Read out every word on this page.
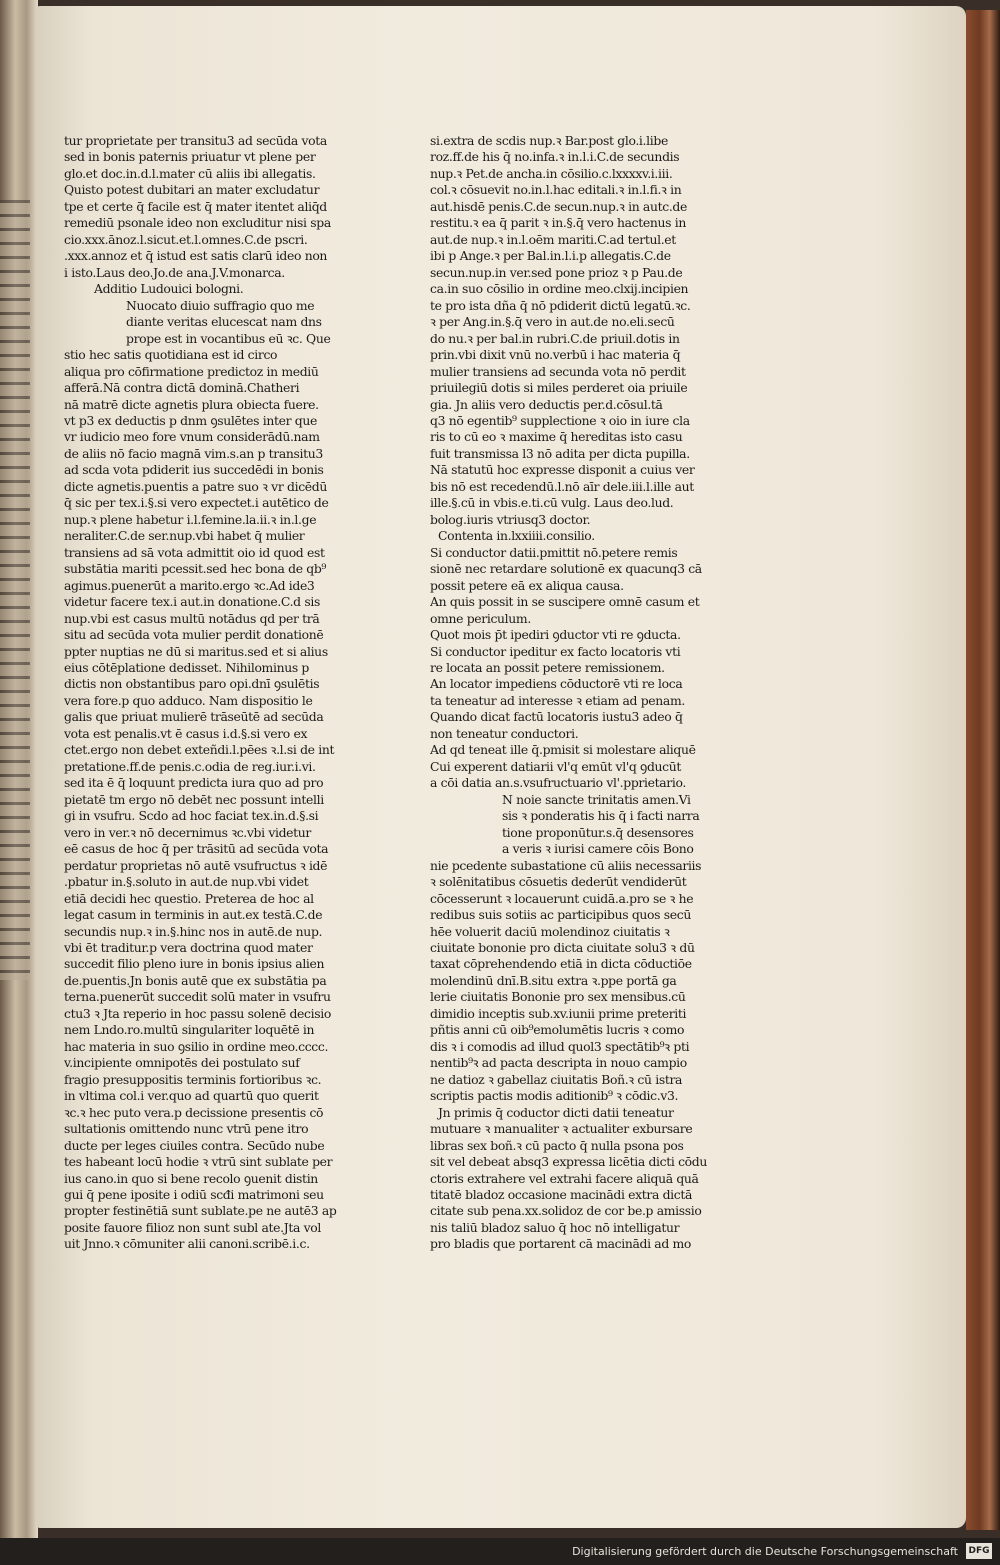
tur proprietate per transitu3 ad secūda vota
sed in bonis paternis priuatur vt plene per
glo.et doc.in.d.l.mater cū aliis ibi allegatis.
Quisto potest dubitari an mater excludatur
tpe et certe q̄ facile est q̄ mater itentet aliq̄d
remediū psonale ideo non excluditur nisi spa
cio.xxx.ānoz.l.sicut.et.l.omnes.C.de pscri.
.xxx.annoz et q̄ istud est satis clarū ideo non
i isto.Laus deo.Jo.de ana.J.V.monarca.
Additio Ludouici bologni.
Nuocato diuio suffragio quo me
diante veritas elucescat nam dns
prope est in vocantibus eū ꝛc. Que
stio hec satis quotidiana est id circo
aliqua pro cōfirmatione predictoz in mediū
afferā.Nā contra dictā dominā.Chatheri
nā matrē dicte agnetis plura obiecta fuere.
vt p3 ex deductis p dnm ꝯsulētes inter que
vr iudicio meo fore vnum considerādū.nam
de aliis nō facio magnā vim.s.an p transitu3
ad scda vota pdiderit ius succedēdi in bonis
dicte agnetis.puentis a patre suo ꝛ vr dicēdū
q̄ sic per tex.i.§.si vero expectet.i autētico de
nup.ꝛ plene habetur i.l.femine.la.ii.ꝛ in.l.ge
neraliter.C.de ser.nup.vbi habet q̄ mulier
transiens ad sā vota admittit oio id quod est
substātia mariti pcessit.sed hec bona de qb⁹
agimus.puenerūt a marito.ergo ꝛc.Ad ide3
videtur facere tex.i aut.in donatione.C.d sis
nup.vbi est casus multū notādus qd per trā
situ ad secūda vota mulier perdit donationē
ppter nuptias ne dū si maritus.sed et si alius
eius cōtēplatione dedisset. Nihilominus p
dictis non obstantibus paro opi.dnī ꝯsulētis
vera fore.p quo adduco. Nam dispositio le
galis que priuat mulierē trāseūtē ad secūda
vota est penalis.vt ē casus i.d.§.si vero ex
ctet.ergo non debet exteñdi.l.pēes ꝛ.l.si de int
pretatione.ff.de penis.c.odia de reg.iur.i.vi.
sed ita ē q̄ loquunt predicta iura quo ad pro
pietatē tm ergo nō debēt nec possunt intelli
gi in vsufru. Scdo ad hoc faciat tex.in.d.§.si
vero in ver.ꝛ nō decernimus ꝛc.vbi videtur
eē casus de hoc q̄ per trāsitū ad secūda vota
perdatur proprietas nō autē vsufructus ꝛ idē
.pbatur in.§.soluto in aut.de nup.vbi videt
etiā decidi hec questio. Preterea de hoc al
legat casum in terminis in aut.ex testā.C.de
secundis nup.ꝛ in.§.hinc nos in autē.de nup.
vbi ēt traditur.p vera doctrina quod mater
succedit filio pleno iure in bonis ipsius alien
de.puentis.Jn bonis autē que ex substātia pa
terna.puenerūt succedit solū mater in vsufru
ctu3 ꝛ Jta reperio in hoc passu solenē decisio
nem Lndo.ro.multū singulariter loquētē in
hac materia in suo ꝯsilio in ordine meo.cccc.
v.incipiente omnipotēs dei postulato suf
fragio presuppositis terminis fortioribus ꝛc.
in vltima col.i ver.quo ad quartū quo querit
ꝛc.ꝛ hec puto vera.p decissione presentis cō
sultationis omittendo nunc vtrū pene itro
ducte per leges ciuiles contra. Secūdo nube
tes habeant locū hodie ꝛ vtrū sint sublate per
ius cano.in quo si bene recolo ꝯuenit distin
gui q̄ pene iposite i odiū scđi matrimoni seu
propter festinētiā sunt sublate.pe ne autē3 ap
posite fauore filioz non sunt subl ate.Jta vol
uit Jnno.ꝛ cōmuniter alii canoni.scribē.i.c.
si.extra de scdis nup.ꝛ Bar.post glo.i.libe
roz.ff.de his q̄ no.infa.ꝛ in.l.i.C.de secundis
nup.ꝛ Pet.de ancha.in cōsilio.c.lxxxxv.i.iii.
col.ꝛ cōsuevit no.in.l.hac editali.ꝛ in.l.fi.ꝛ in
aut.hisdē penis.C.de secun.nup.ꝛ in autc.de
restitu.ꝛ ea q̄ parit ꝛ in.§.q̄ vero hactenus in
aut.de nup.ꝛ in.l.oēm mariti.C.ad tertul.et
ibi p Ange.ꝛ per Bal.in.l.i.p allegatis.C.de
secun.nup.in ver.sed pone prioz ꝛ p Pau.de
ca.in suo cōsilio in ordine meo.clxij.incipien
te pro ista dña q̄ nō pdiderit dictū legatū.ꝛc.
ꝛ per Ang.in.§.q̄ vero in aut.de no.eli.secū
do nu.ꝛ per bal.in rubri.C.de priuil.dotis in
prin.vbi dixit vnū no.verbū i hac materia q̄
mulier transiens ad secunda vota nō perdit
priuilegiū dotis si miles perderet oia priuile
gia. Jn aliis vero deductis per.d.cōsul.tā
q3 nō egentib⁹ supplectione ꝛ oio in iure cla
ris to cū eo ꝛ maxime q̄ hereditas isto casu
fuit transmissa l3 nō adita per dicta pupilla.
Nā statutū hoc expresse disponit a cuius ver
bis nō est recedendū.l.nō aīr dele.iii.l.ille aut
ille.§.cū in vbis.e.ti.cū vulg. Laus deo.lud.
bolog.iuris vtriusq3 doctor.
Contenta in.lxxiiii.consilio.
Si conductor datii.pmittit nō.petere remis
sionē nec retardare solutionē ex quacunq3 cā
possit petere eā ex aliqua causa.
An quis possit in se suscipere omnē casum et
omne periculum.
Quot mois p̄t ipediri ꝯductor vti re ꝯducta.
Si conductor ipeditur ex facto locatoris vti
re locata an possit petere remissionem.
An locator impediens cōductorē vti re loca
ta teneatur ad interesse ꝛ etiam ad penam.
Quando dicat factū locatoris iustu3 adeo q̄
non teneatur conductori.
Ad qd teneat ille q̄.pmisit si molestare aliquē
Cui experent datiarii vl'q emūt vl'q ꝯducūt
a cōi datia an.s.vsufructuario vl'.pprietario.
N noie sancte trinitatis amen.Vi
sis ꝛ ponderatis his q̄ i facti narra
tione proponūtur.s.q̄ desensores
a veris ꝛ iurisi camere cōis Bono
nie pcedente subastatione cū aliis necessariis
ꝛ solēnitatibus cōsuetis dederūt vendiderūt
cōcesserunt ꝛ locauerunt cuidā.a.pro se ꝛ he
redibus suis sotiis ac participibus quos secū
hēe voluerit daciū molendinoz ciuitatis ꝛ
ciuitate bononie pro dicta ciuitate solu3 ꝛ dū
taxat cōprehendendo etiā in dicta cōductiōe
molendinū dnī.B.situ extra ꝛ.ppe portā ga
lerie ciuitatis Bononie pro sex mensibus.cū
dimidio inceptis sub.xv.iunii prime preteriti
pñtis anni cū oib⁹emolumētis lucris ꝛ como
dis ꝛ i comodis ad illud quol3 spectātib⁹ꝛ pti
nentib⁹ꝛ ad pacta descripta in nouo campio
ne datioz ꝛ gabellaz ciuitatis Boñ.ꝛ cū istra
scriptis pactis modis aditionib⁹ ꝛ cōdic.v3.
Jn primis q̄ coductor dicti datii teneatur
mutuare ꝛ manualiter ꝛ actualiter exbursare
libras sex boñ.ꝛ cū pacto q̄ nulla psona pos
sit vel debeat absq3 expressa licētia dicti cōdu
ctoris extrahere vel extrahi facere aliquā quā
titatē bladoz occasione macinādi extra dictā
citate sub pena.xx.solidoz de cor be.p amissio
nis taliū bladoz saluo q̄ hoc nō intelligatur
pro bladis que portarent cā macinādi ad mo
Digitalisierung gefördert durch die Deutsche Forschungsgemeinschaft DFG
